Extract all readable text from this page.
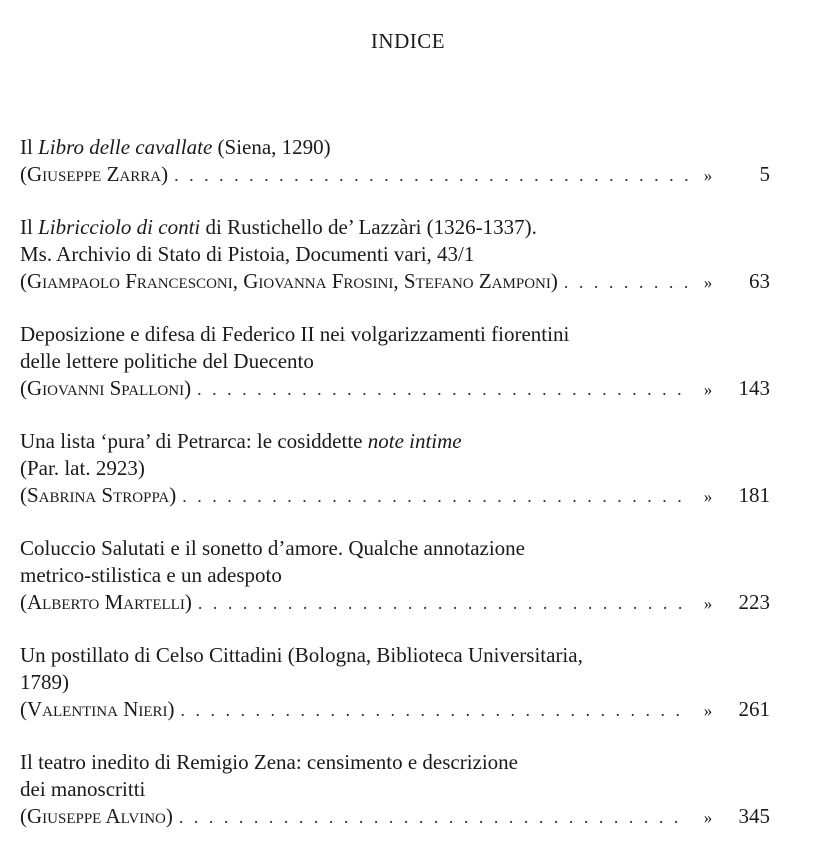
INDICE
Il Libro delle cavallate (Siena, 1290)
(Giuseppe Zarra) . . .	»	5
Il Libricciolo di conti di Rustichello de’ Lazzàri (1326-1337).
Ms. Archivio di Stato di Pistoia, Documenti vari, 43/1
(Giampaolo Francesconi, Giovanna Frosini, Stefano Zamponi) . . .	»	63
Deposizione e difesa di Federico II nei volgarizzamenti fiorentini
delle lettere politiche del Duecento
(Giovanni Spalloni) . . .	»	143
Una lista ‘pura’ di Petrarca: le cosiddette note intime
(Par. lat. 2923)
(Sabrina Stroppa) . . .	»	181
Coluccio Salutati e il sonetto d’amore. Qualche annotazione
metrico-stilistica e un adespoto
(Alberto Martelli) . . .	»	223
Un postillato di Celso Cittadini (Bologna, Biblioteca Universitaria,
1789)
(Valentina Nieri) . . .	»	261
Il teatro inedito di Remigio Zena: censimento e descrizione
dei manoscritti
(Giuseppe Alvino) . . .	»	345
